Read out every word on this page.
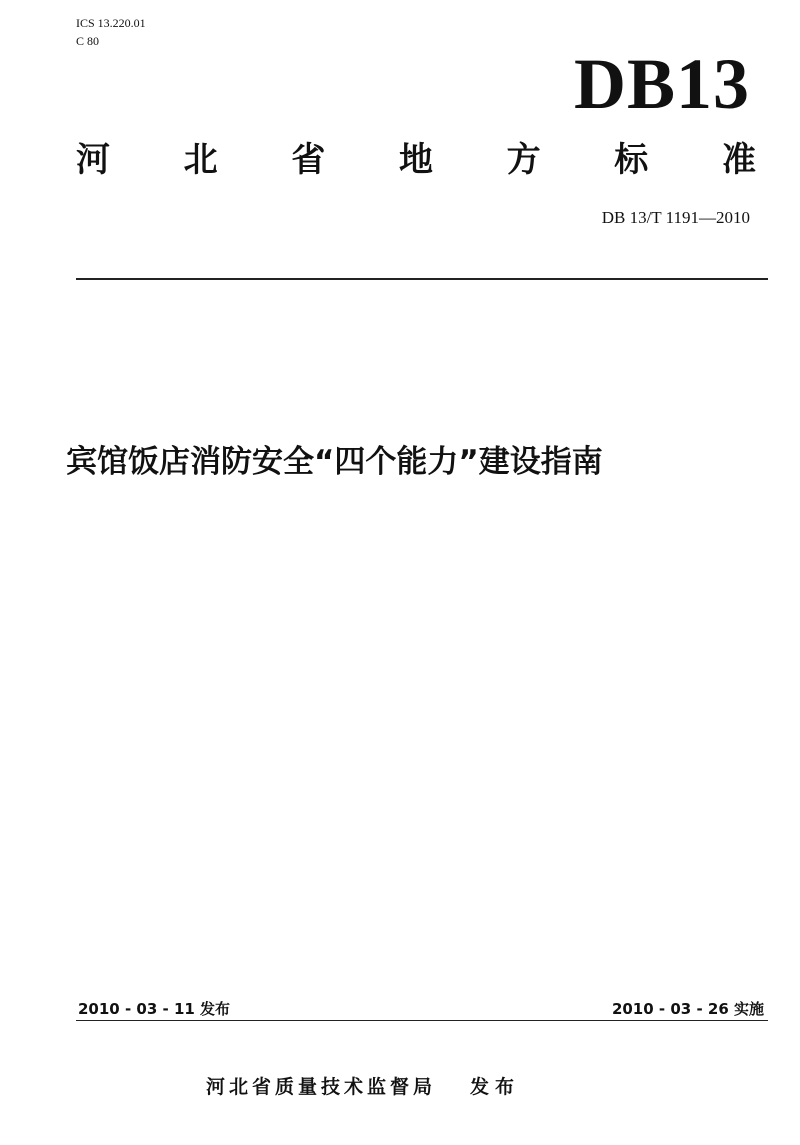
ICS 13.220.01
C 80
DB13
河 北 省 地 方 标 准
DB 13/T 1191—2010
宾馆饭店消防安全“四个能力”建设指南
2010 - 03 - 11 发布	2010 - 03 - 26 实施
河北省质量技术监督局 发布
